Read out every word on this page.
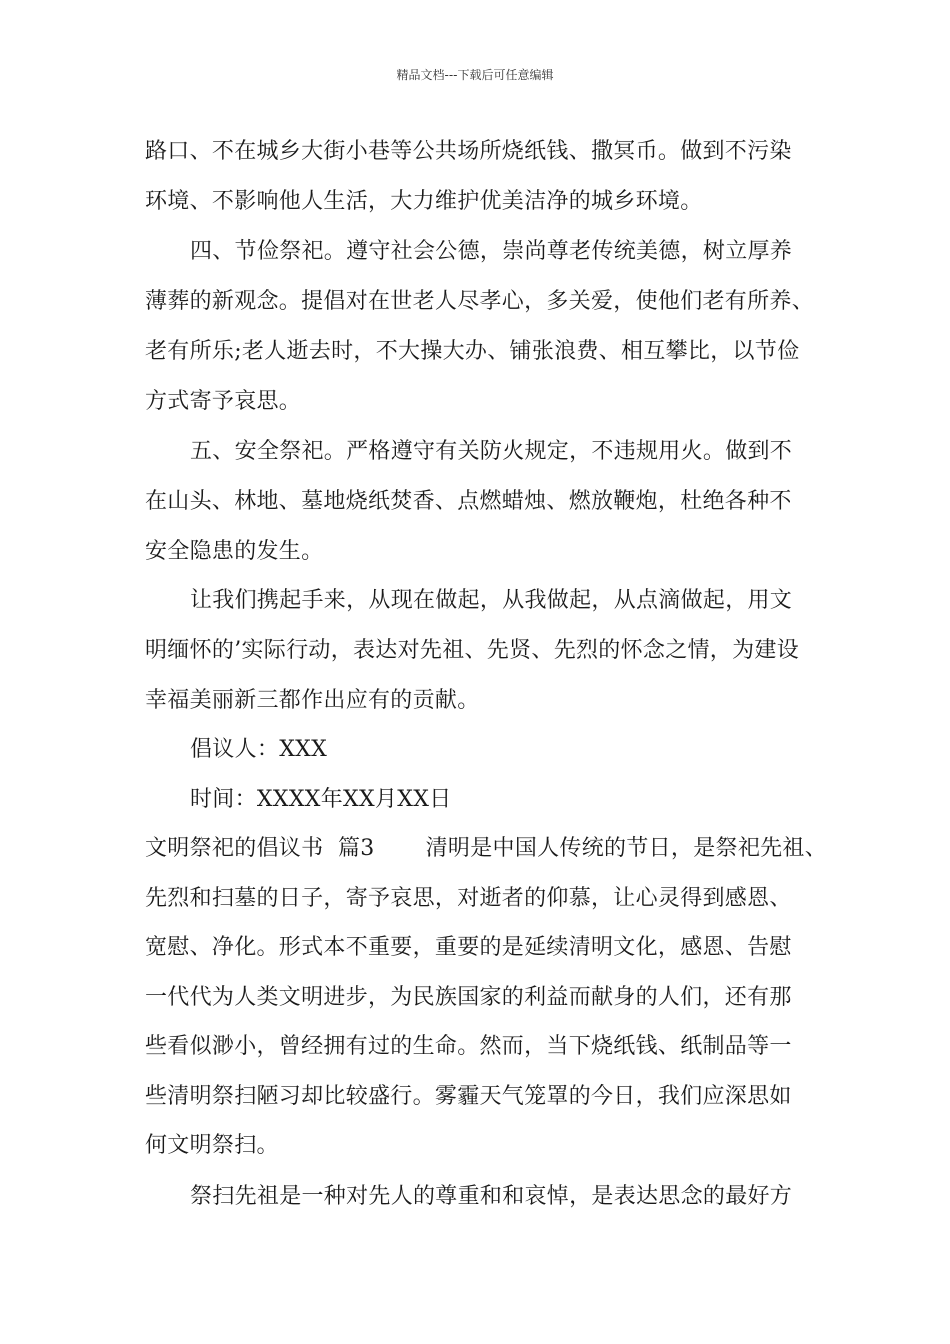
精品文档---下载后可任意编辑
路口、不在城乡大街小巷等公共场所烧纸钱、撒冥币。做到不污染
环境、不影响他人生活，大力维护优美洁净的城乡环境。
四、节俭祭祀。遵守社会公德，崇尚尊老传统美德，树立厚养
薄葬的新观念。提倡对在世老人尽孝心，多关爱，使他们老有所养、
老有所乐;老人逝去时，不大操大办、铺张浪费、相互攀比，以节俭
方式寄予哀思。
五、安全祭祀。严格遵守有关防火规定，不违规用火。做到不
在山头、林地、墓地烧纸焚香、点燃蜡烛、燃放鞭炮，杜绝各种不
安全隐患的发生。
让我们携起手来，从现在做起，从我做起，从点滴做起，用文
明缅怀的’实际行动，表达对先祖、先贤、先烈的怀念之情，为建设
幸福美丽新三都作出应有的贡献。
倡议人：XXX
时间：XXXX年XX月XX日
文明祭祀的倡议书  篇3       清明是中国人传统的节日，是祭祀先祖、
先烈和扫墓的日子，寄予哀思，对逝者的仰慕，让心灵得到感恩、
宽慰、净化。形式本不重要，重要的是延续清明文化，感恩、告慰
一代代为人类文明进步，为民族国家的利益而献身的人们，还有那
些看似渺小，曾经拥有过的生命。然而，当下烧纸钱、纸制品等一
些清明祭扫陋习却比较盛行。雾霾天气笼罩的今日，我们应深思如
何文明祭扫。
祭扫先祖是一种对先人的尊重和和哀悼，是表达思念的最好方
